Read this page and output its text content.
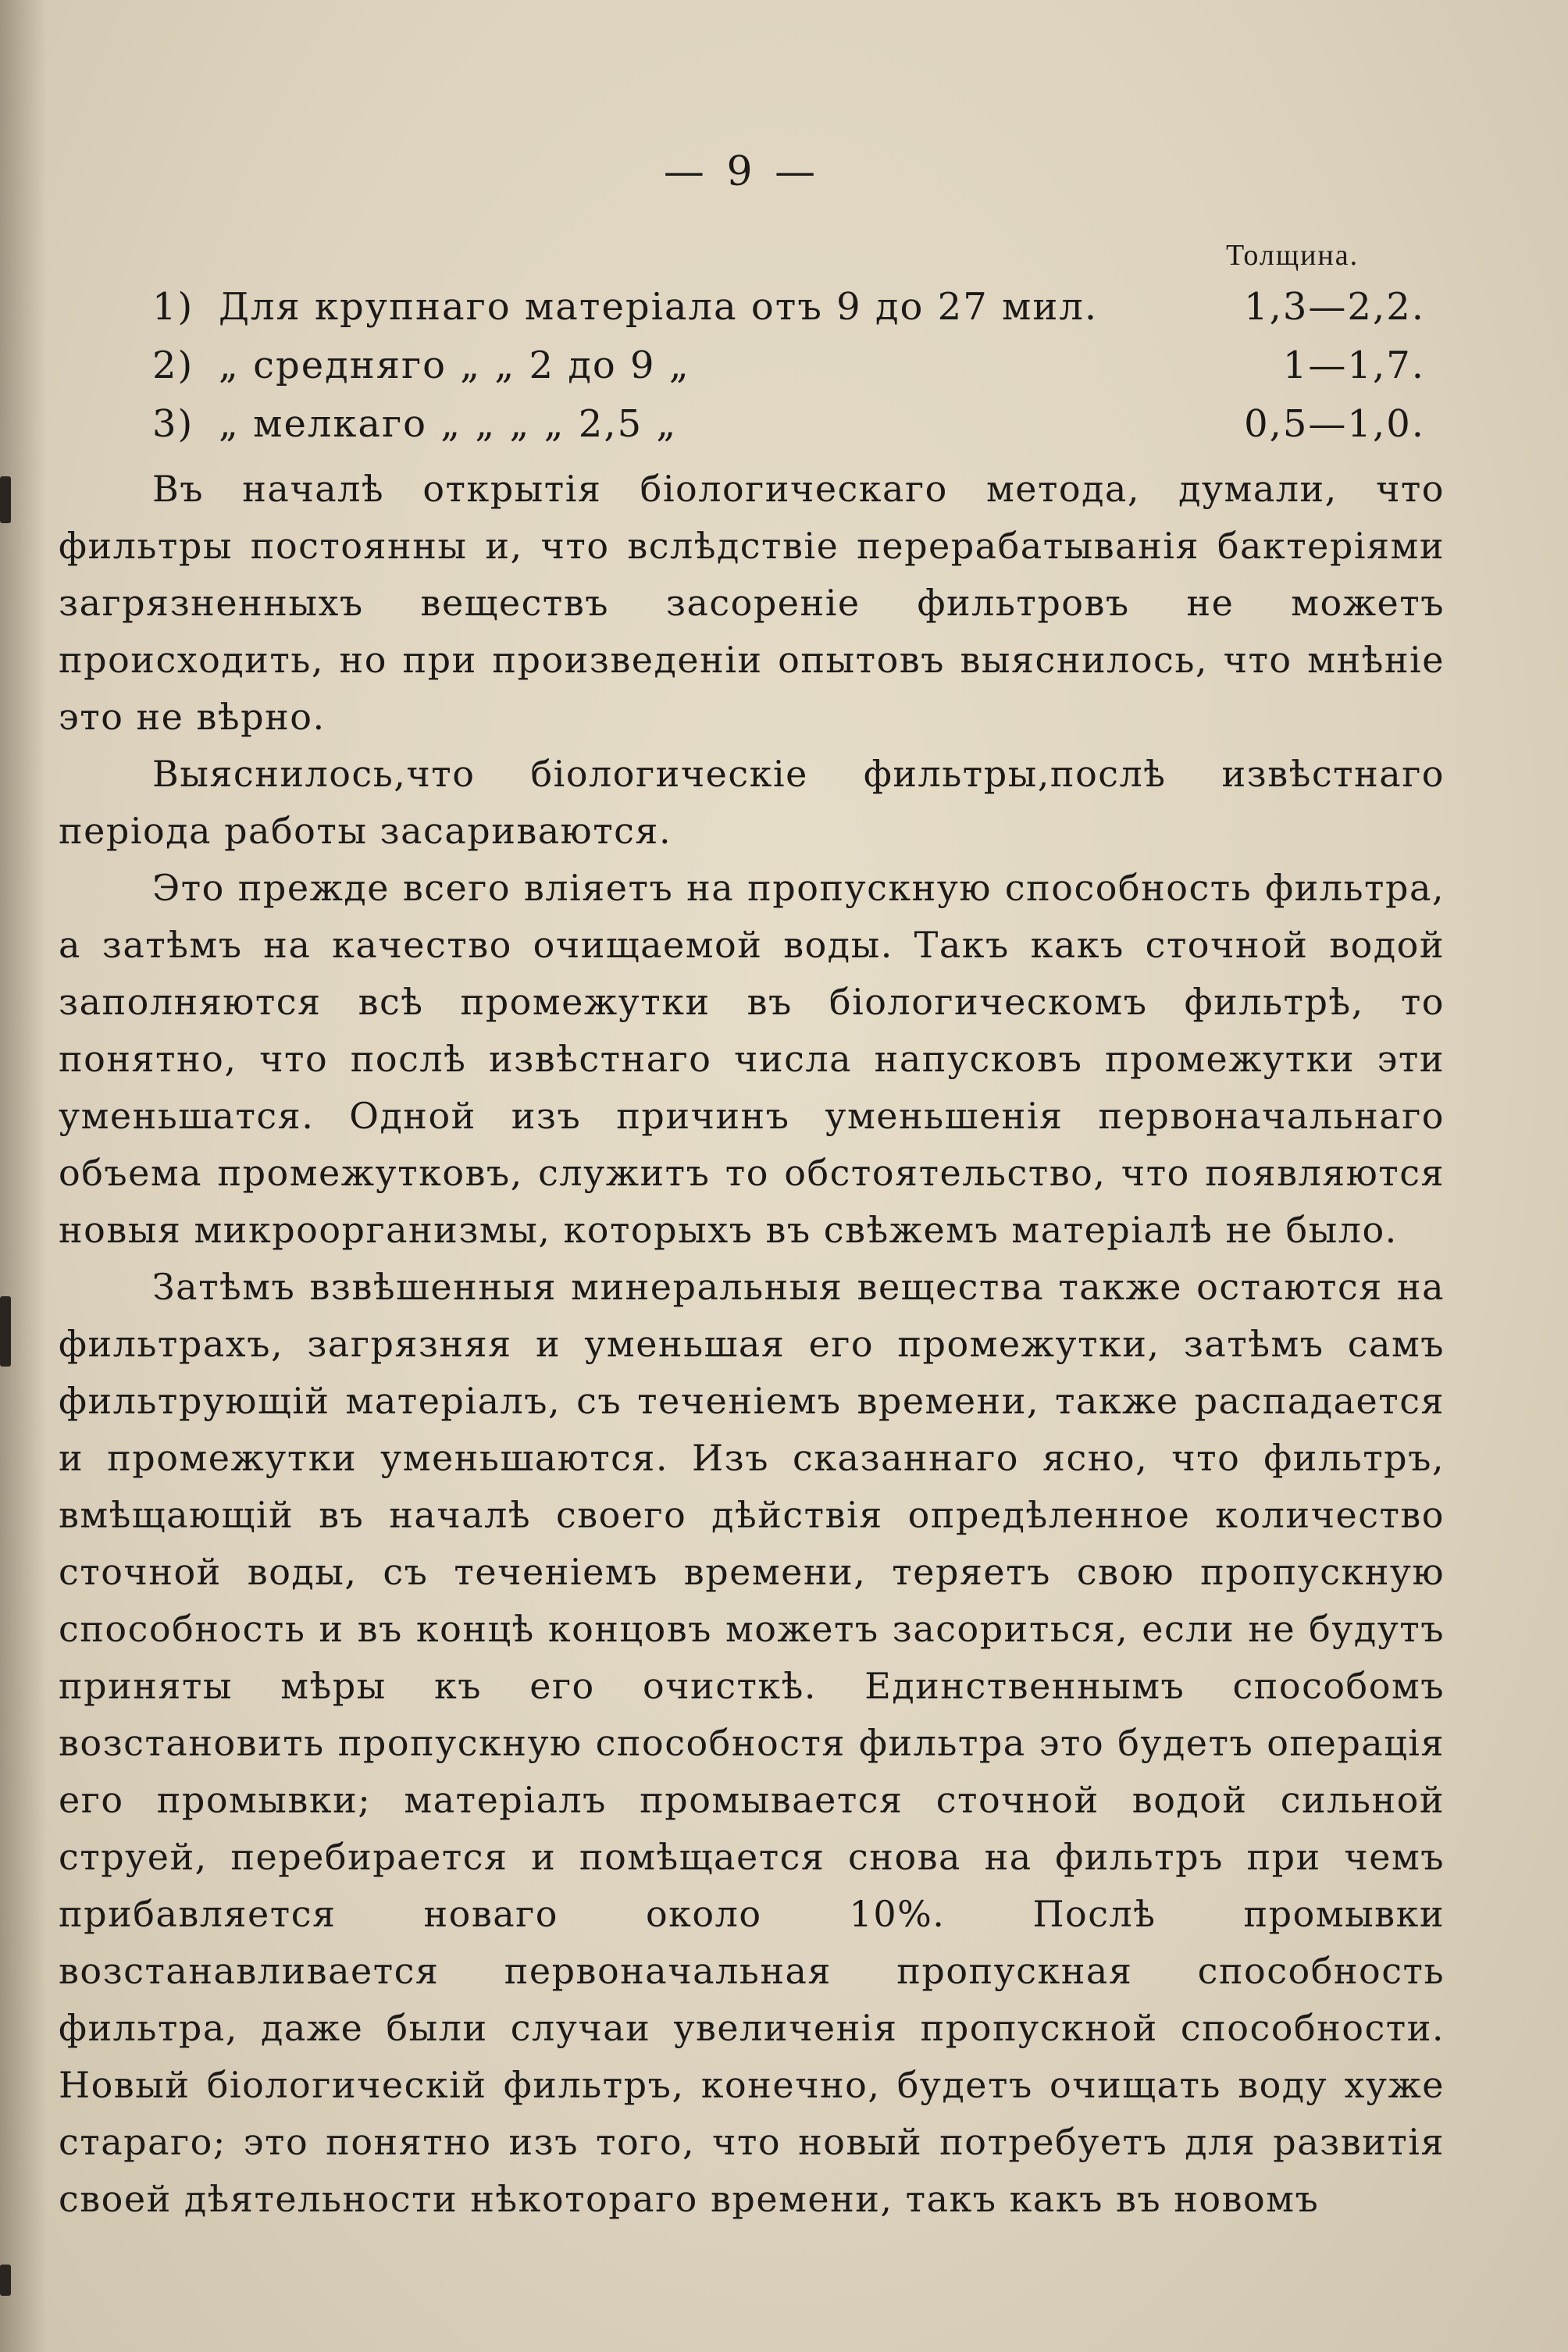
— 9 —
Толщина.
1) Для крупнаго матеріала отъ 9 до 27 мил.	1,3—2,2.
2) „ средняго „ „ 2 до 9 „	1—1,7.
3) „ мелкаго „ „ „ „ 2,5 „	0,5—1,0.

Въ началѣ открытія біологическаго метода, думали, что фильтры постоянны и, что вслѣдствіе перерабатыванія бактеріями загрязненныхъ веществъ засореніе фильтровъ не можетъ происходить, но при произведеніи опытовъ выяснилось, что мнѣніе это не вѣрно.

Выяснилось,что біологическіе фильтры,послѣ извѣстнаго періода работы засариваются.

Это прежде всего вліяетъ на пропускную способность фильтра, а затѣмъ на качество очищаемой воды. Такъ какъ сточной водой заполняются всѣ промежутки въ біологическомъ фильтрѣ, то понятно, что послѣ извѣстнаго числа напусковъ промежутки эти уменьшатся. Одной изъ причинъ уменьшенія первоначальнаго объема промежутковъ, служитъ то обстоятельство, что появляются новыя микроорганизмы, которыхъ въ свѣжемъ матеріалѣ не было.

Затѣмъ взвѣшенныя минеральныя вещества также остаются на фильтрахъ, загрязняя и уменьшая его промежутки, затѣмъ самъ фильтрующій матеріалъ, съ теченіемъ времени, также распадается и промежутки уменьшаются. Изъ сказаннаго ясно, что фильтръ, вмѣщающій въ началѣ своего дѣйствія опредѣленное количество сточной воды, съ теченіемъ времени, теряетъ свою пропускную способность и въ концѣ концовъ можетъ засориться, если не будутъ приняты мѣры къ его очисткѣ. Единственнымъ способомъ возстановить пропускную способностя фильтра это будетъ операція его промывки; матеріалъ промывается сточной водой сильной струей, перебирается и помѣщается снова на фильтръ при чемъ прибавляется новаго около 10%. Послѣ промывки возстанавливается первоначальная пропускная способность фильтра, даже были случаи увеличенія пропускной способности. Новый біологическій фильтръ, конечно, будетъ очищать воду хуже стараго; это понятно изъ того, что новый потребуетъ для развитія своей дѣятельности нѣкотораго времени, такъ какъ въ новомъ
